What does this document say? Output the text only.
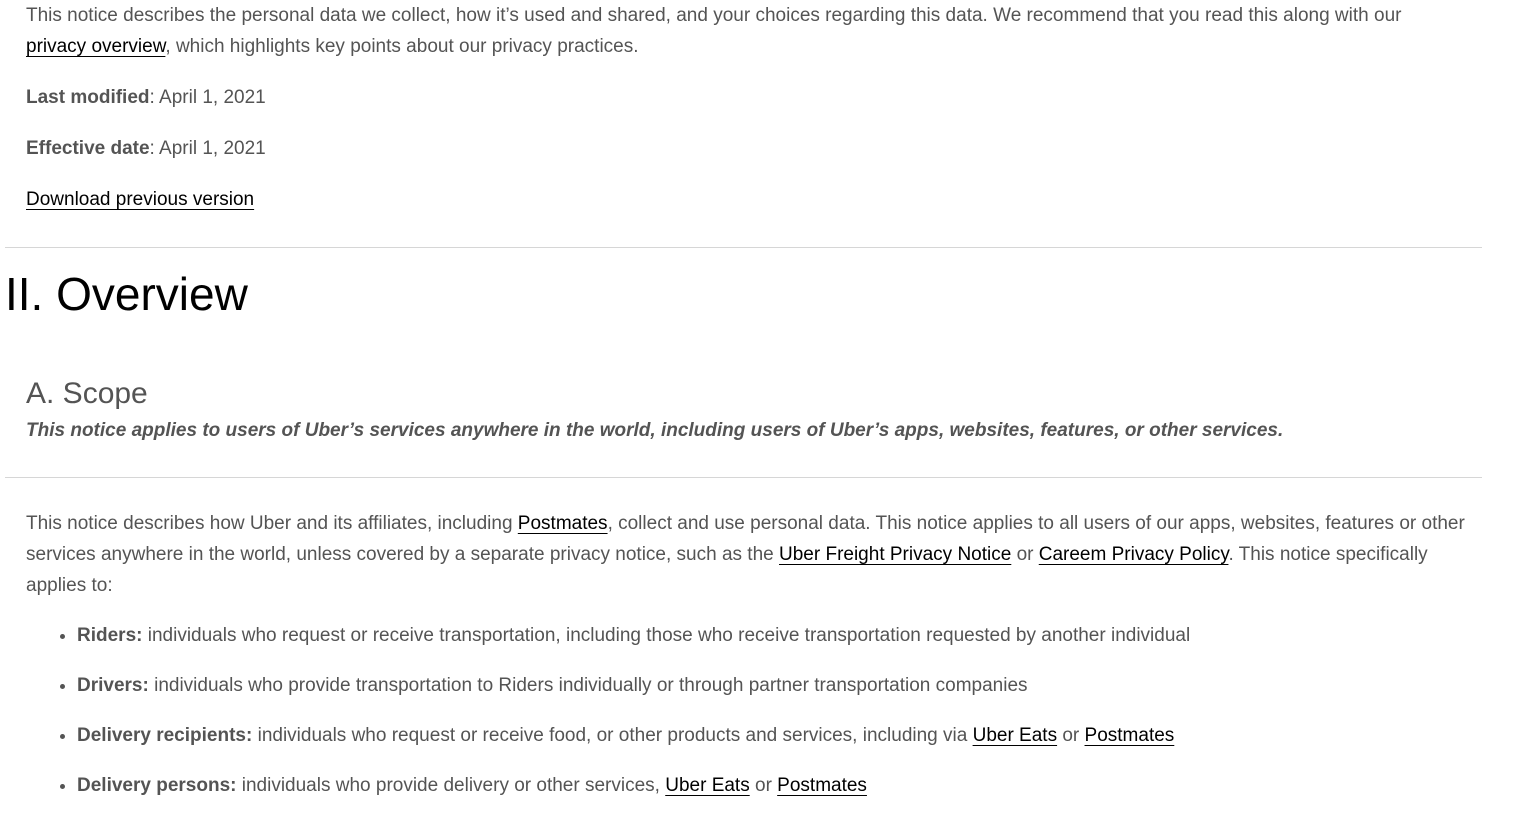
This notice describes the personal data we collect, how it’s used and shared, and your choices regarding this data. We recommend that you read this along with our privacy overview, which highlights key points about our privacy practices.
Last modified: April 1, 2021
Effective date: April 1, 2021
Download previous version
II. Overview
A. Scope
This notice applies to users of Uber’s services anywhere in the world, including users of Uber’s apps, websites, features, or other services.
This notice describes how Uber and its affiliates, including Postmates, collect and use personal data. This notice applies to all users of our apps, websites, features or other services anywhere in the world, unless covered by a separate privacy notice, such as the Uber Freight Privacy Notice or Careem Privacy Policy. This notice specifically applies to:
• Riders: individuals who request or receive transportation, including those who receive transportation requested by another individual
• Drivers: individuals who provide transportation to Riders individually or through partner transportation companies
• Delivery recipients: individuals who request or receive food, or other products and services, including via Uber Eats or Postmates
• Delivery persons: individuals who provide delivery or other services, Uber Eats or Postmates
